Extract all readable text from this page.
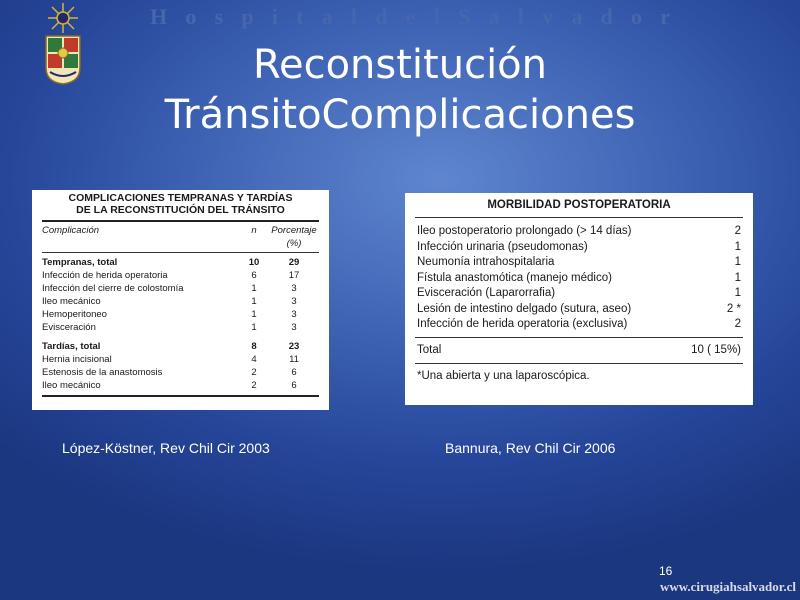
H o s p i t a l d e l S a l v a d o r
Reconstitución
TránsitoComplicaciones
COMPLICACIONES TEMPRANAS Y TARDÍAS
DE LA RECONSTITUCIÓN DEL TRÁNSITO
Complicación	n	Porcentaje (%)
Tempranas, total	10	29
Infección de herida operatoria	6	17
Infección del cierre de colostomía	1	3
Ileo mecánico	1	3
Hemoperitoneo	1	3
Evisceración	1	3
Tardías, total	8	23
Hernia incisional	4	11
Estenosis de la anastomosis	2	6
Ileo mecánico	2	6
MORBILIDAD POSTOPERATORIA
Ileo postoperatorio prolongado (> 14 días)	2
Infección urinaria (pseudomonas)	1
Neumonía intrahospitalaria	1
Fístula anastomótica (manejo médico)	1
Evisceración (Laparorrafia)	1
Lesión de intestino delgado (sutura, aseo)	2 *
Infección de herida operatoria (exclusiva)	2
Total	10 ( 15%)
*Una abierta y una laparoscópica.
López-Köstner, Rev Chil Cir 2003	Bannura, Rev Chil Cir 2006
16
www.cirugiahsalvador.cl
